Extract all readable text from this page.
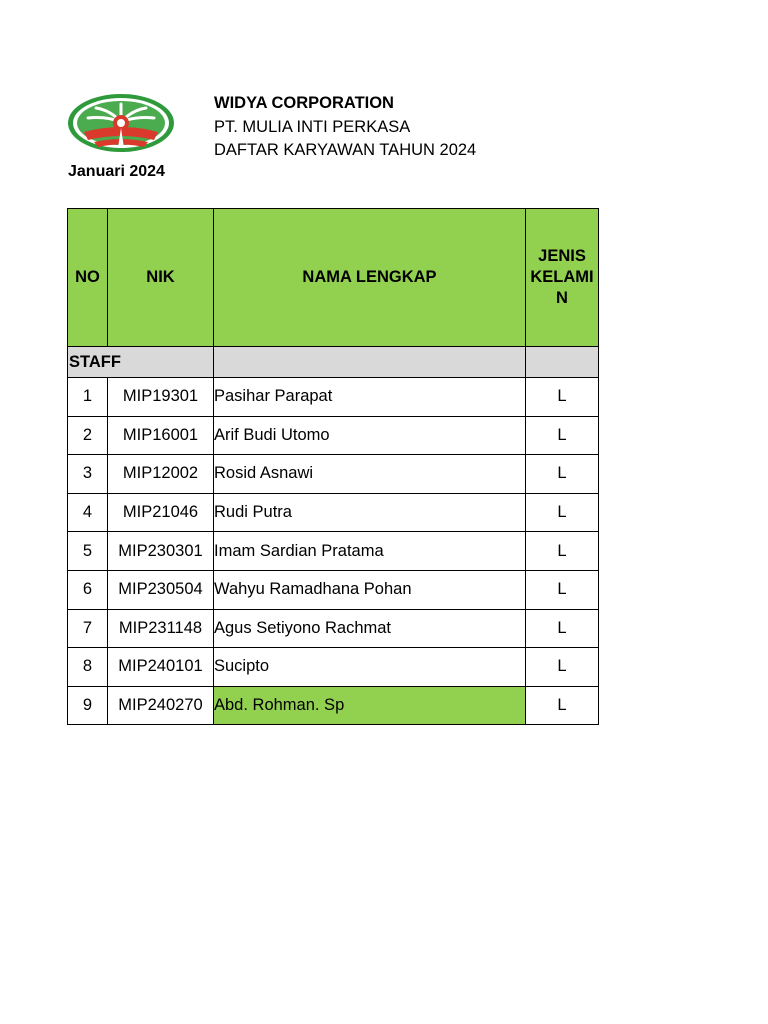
Januari 2024
WIDYA CORPORATION
PT. MULIA INTI PERKASA
DAFTAR KARYAWAN TAHUN 2024
NO	NIK	NAMA LENGKAP	JENIS
KELAMI
N

STAFF			
1	MIP19301	Pasihar Parapat	L
2	MIP16001	Arif Budi Utomo	L
3	MIP12002	Rosid Asnawi	L
4	MIP21046	Rudi Putra	L
5	MIP230301	Imam Sardian Pratama	L
6	MIP230504	Wahyu Ramadhana Pohan	L
7	MIP231148	Agus Setiyono Rachmat	L
8	MIP240101	Sucipto	L
9	MIP240270	Abd. Rohman. Sp	L
